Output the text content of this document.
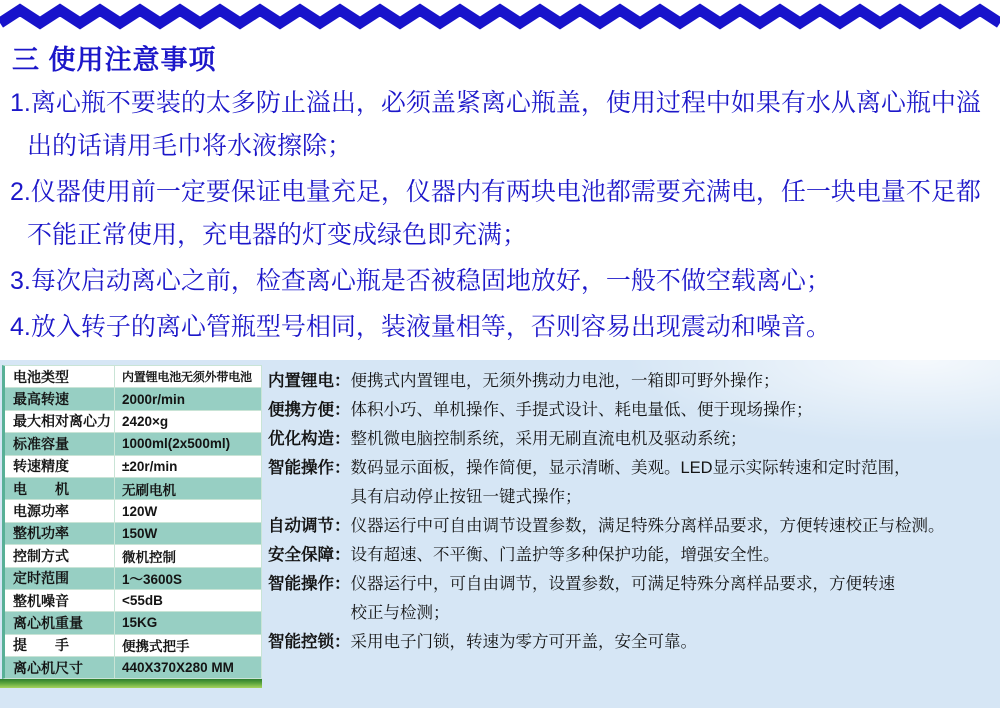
三 使用注意事项
1.离心瓶不要装的太多防止溢出，必须盖紧离心瓶盖，使用过程中如果有水从离心瓶中溢
出的话请用毛巾将水液擦除；
2.仪器使用前一定要保证电量充足，仪器内有两块电池都需要充满电，任一块电量不足都
不能正常使用，充电器的灯变成绿色即充满；
3.每次启动离心之前，检查离心瓶是否被稳固地放好，一般不做空载离心；
4.放入转子的离心管瓶型号相同，装液量相等，否则容易出现震动和噪音。
电池类型	内置锂电池无须外带电池
最高转速	2000r/min
最大相对离心力 2420×g
标准容量	1000ml(2x500ml)
转速精度	±20r/min
电　　机	无刷电机
电源功率	120W
整机功率	150W
控制方式	微机控制
定时范围	1～3600S
整机噪音	<55dB
离心机重量	15KG
提　　手	便携式把手
离心机尺寸	440X370X280 MM
内置锂电： 便携式内置锂电，无须外携动力电池，一箱即可野外操作；
便携方便： 体积小巧、单机操作、手提式设计、耗电量低、便于现场操作；
优化构造： 整机微电脑控制系统，采用无刷直流电机及驱动系统；
智能操作： 数码显示面板，操作简便，显示清晰、美观。LED显示实际转速和定时范围，
具有启动停止按钮一键式操作；
自动调节： 仪器运行中可自由调节设置参数，满足特殊分离样品要求，方便转速校正与检测。
安全保障： 设有超速、不平衡、门盖护等多种保护功能，增强安全性。
智能操作： 仪器运行中，可自由调节，设置参数，可满足特殊分离样品要求，方便转速
校正与检测；
智能控锁： 采用电子门锁，转速为零方可开盖，安全可靠。
